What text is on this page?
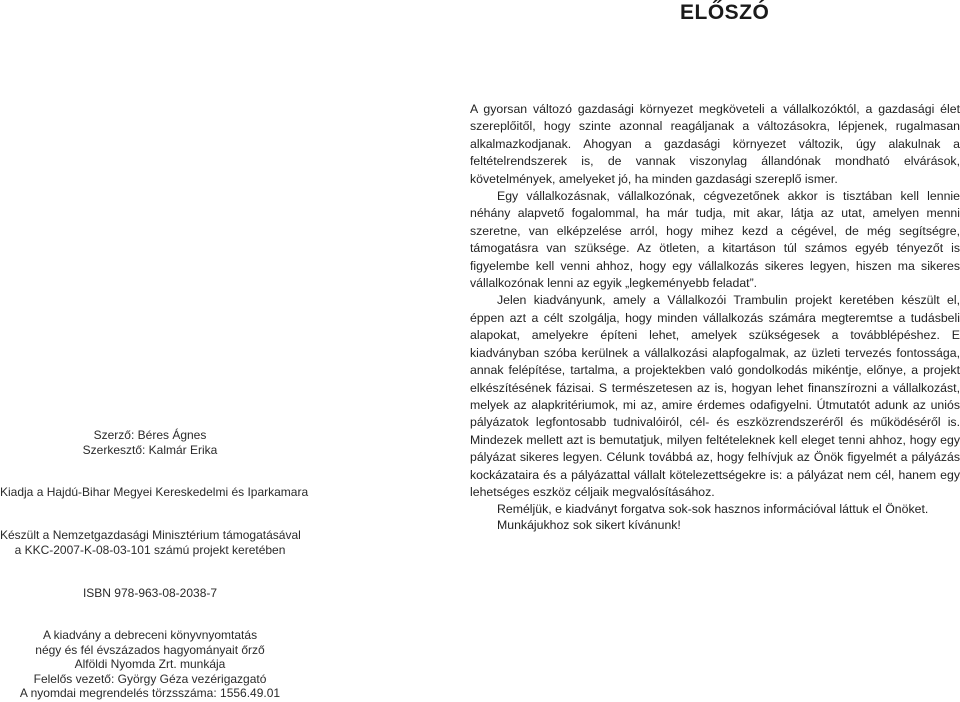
ELŐSZÓ
Szerző: Béres Ágnes
Szerkesztő: Kalmár Erika
Kiadja a Hajdú-Bihar Megyei Kereskedelmi és Iparkamara
Készült a Nemzetgazdasági Minisztérium támogatásával
a KKC-2007-K-08-03-101 számú projekt keretében
ISBN 978-963-08-2038-7
A kiadvány a debreceni könyvnyomtatás
négy és fél évszázados hagyományait őrző
Alföldi Nyomda Zrt. munkája
Felelős vezető: György Géza vezérigazgató
A nyomdai megrendelés törzsszáma: 1556.49.01

A gyorsan változó gazdasági környezet megköveteli a vállalkozóktól, a gazdasági élet szereplőitől, hogy szinte azonnal reagáljanak a változásokra, lépjenek, rugalmasan alkalmazkodjanak. Ahogyan a gazdasági környezet változik, úgy alakulnak a feltételrendszerek is, de vannak viszonylag állandónak mondható elvárások, követelmények, amelyeket jó, ha minden gazdasági szereplő ismer.

Egy vállalkozásnak, vállalkozónak, cégvezetőnek akkor is tisztában kell lennie néhány alapvető fogalommal, ha már tudja, mit akar, látja az utat, amelyen menni szeretne, van elképzelése arról, hogy mihez kezd a cégével, de még segítségre, támogatásra van szüksége. Az ötleten, a kitartáson túl számos egyéb tényezőt is figyelembe kell venni ahhoz, hogy egy vállalkozás sikeres legyen, hiszen ma sikeres vállalkozónak lenni az egyik „legkeményebb feladat”.

Jelen kiadványunk, amely a Vállalkozói Trambulin projekt keretében készült el, éppen azt a célt szolgálja, hogy minden vállalkozás számára megteremtse a tudásbeli alapokat, amelyekre építeni lehet, amelyek szükségesek a továbblépéshez. E kiadványban szóba kerülnek a vállalkozási alapfogalmak, az üzleti tervezés fontossága, annak felépítése, tartalma, a projektekben való gondolkodás mikéntje, előnye, a projekt elkészítésének fázisai. S természetesen az is, hogyan lehet finanszírozni a vállalkozást, melyek az alapkritériumok, mi az, amire érdemes odafigyelni. Útmutatót adunk az uniós pályázatok legfontosabb tudnivalóiról, cél- és eszközrendszeréről és működéséről is. Mindezek mellett azt is bemutatjuk, milyen feltételeknek kell eleget tenni ahhoz, hogy egy pályázat sikeres legyen. Célunk továbbá az, hogy felhívjuk az Önök figyelmét a pályázás kockázataira és a pályázattal vállalt kötelezettségekre is: a pályázat nem cél, hanem egy lehetséges eszköz céljaik megvalósításához.

Reméljük, e kiadványt forgatva sok-sok hasznos információval láttuk el Önöket.

Munkájukhoz sok sikert kívánunk!
